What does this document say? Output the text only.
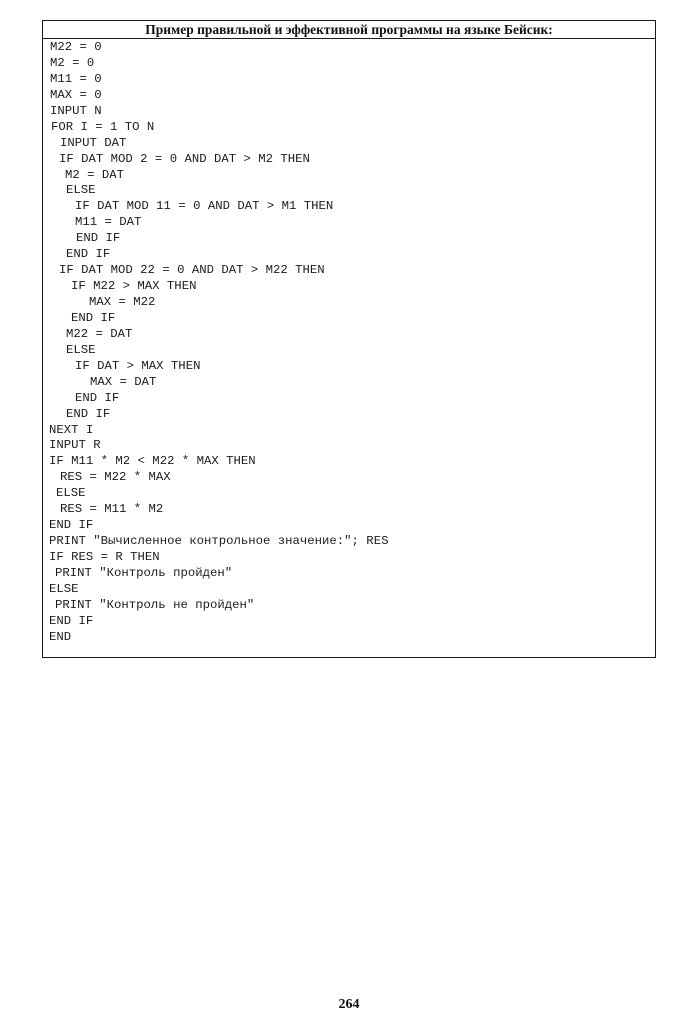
Пример правильной и эффективной программы на языке Бейсик:
M22 = 0
M2 = 0
M11 = 0
MAX = 0
INPUT N
FOR I = 1 TO N
INPUT DAT
IF DAT MOD 2 = 0 AND DAT > M2 THEN
M2 = DAT
ELSE
IF DAT MOD 11 = 0 AND DAT > M1 THEN
M11 = DAT
END IF
END IF
IF DAT MOD 22 = 0 AND DAT > M22 THEN
IF M22 > MAX THEN
MAX = M22
END IF
M22 = DAT
ELSE
IF DAT > MAX THEN
MAX = DAT
END IF
END IF
NEXT I
INPUT R
IF M11 * M2 < M22 * MAX THEN
RES = M22 * MAX
ELSE
RES = M11 * M2
END IF
PRINT "Вычисленное контрольное значение:"; RES
IF RES = R THEN
PRINT "Контроль пройден"
ELSE
PRINT "Контроль не пройден"
END IF
END
264
